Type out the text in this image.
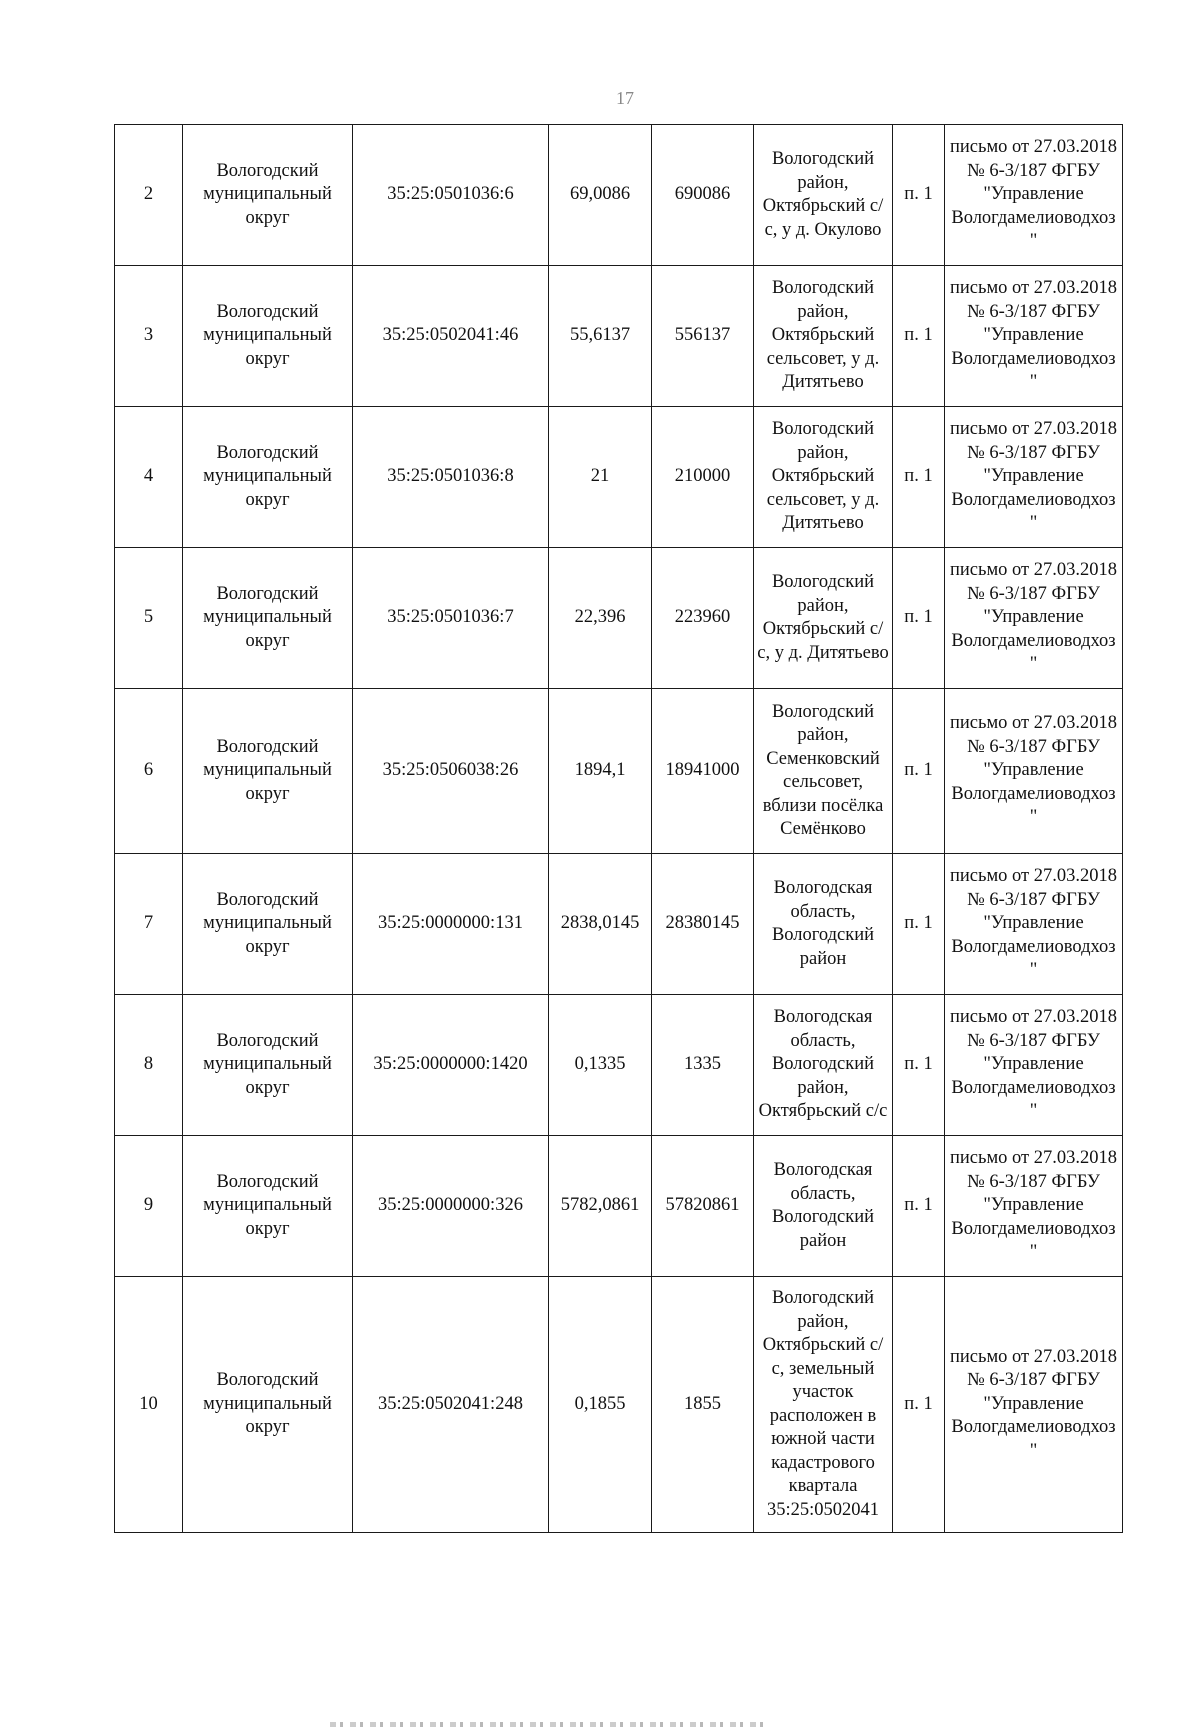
17
2	Вологодский муниципальный округ	35:25:0501036:6	69,0086	690086	Вологодский район, Октябрьский с/с, у д. Окулово	п. 1	письмо от 27.03.2018 № 6-3/187 ФГБУ "Управление Вологдамелиоводхоз"
3	Вологодский муниципальный округ	35:25:0502041:46	55,6137	556137	Вологодский район, Октябрьский сельсовет, у д. Дитятьево	п. 1	письмо от 27.03.2018 № 6-3/187 ФГБУ "Управление Вологдамелиоводхоз"
4	Вологодский муниципальный округ	35:25:0501036:8	21	210000	Вологодский район, Октябрьский сельсовет, у д. Дитятьево	п. 1	письмо от 27.03.2018 № 6-3/187 ФГБУ "Управление Вологдамелиоводхоз"
5	Вологодский муниципальный округ	35:25:0501036:7	22,396	223960	Вологодский район, Октябрьский с/с, у д. Дитятьево	п. 1	письмо от 27.03.2018 № 6-3/187 ФГБУ "Управление Вологдамелиоводхоз"
6	Вологодский муниципальный округ	35:25:0506038:26	1894,1	18941000	Вологодский район, Семенковский сельсовет, вблизи посёлка Семёнково	п. 1	письмо от 27.03.2018 № 6-3/187 ФГБУ "Управление Вологдамелиоводхоз"
7	Вологодский муниципальный округ	35:25:0000000:131	2838,0145	28380145	Вологодская область, Вологодский район	п. 1	письмо от 27.03.2018 № 6-3/187 ФГБУ "Управление Вологдамелиоводхоз"
8	Вологодский муниципальный округ	35:25:0000000:1420	0,1335	1335	Вологодская область, Вологодский район, Октябрьский с/с	п. 1	письмо от 27.03.2018 № 6-3/187 ФГБУ "Управление Вологдамелиоводхоз"
9	Вологодский муниципальный округ	35:25:0000000:326	5782,0861	57820861	Вологодская область, Вологодский район	п. 1	письмо от 27.03.2018 № 6-3/187 ФГБУ "Управление Вологдамелиоводхоз"
10	Вологодский муниципальный округ	35:25:0502041:248	0,1855	1855	Вологодский район, Октябрьский с/с, земельный участок расположен в южной части кадастрового квартала 35:25:0502041	п. 1	письмо от 27.03.2018 № 6-3/187 ФГБУ "Управление Вологдамелиоводхоз"
